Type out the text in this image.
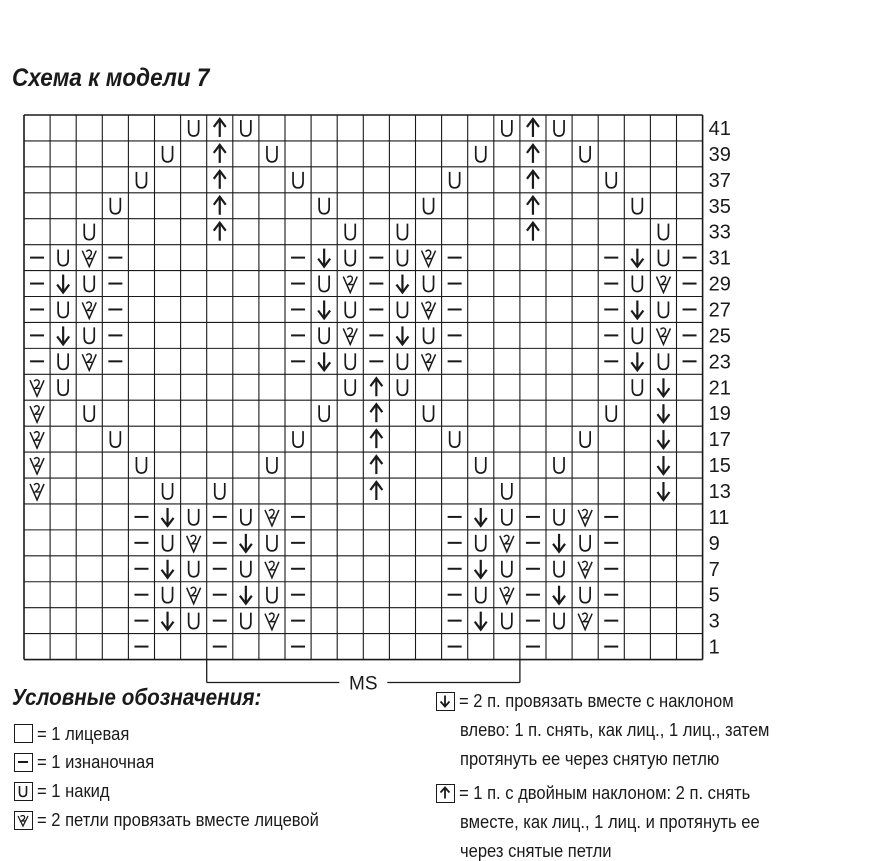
Схема к модели 7
41
39
37
35
33
31
29
27
25
23
21
19
17
15
13
11
9
7
5
3
1
MS
Условные обозначения:
= 1 лицевая
= 1 изнаночная
= 1 накид
= 2 петли провязать вместе лицевой
= 2 п. провязать вместе с наклоном
влево: 1 п. снять, как лиц., 1 лиц., затем
протянуть ее через снятую петлю
= 1 п. с двойным наклоном: 2 п. снять
вместе, как лиц., 1 лиц. и протянуть ее
через снятые петли
